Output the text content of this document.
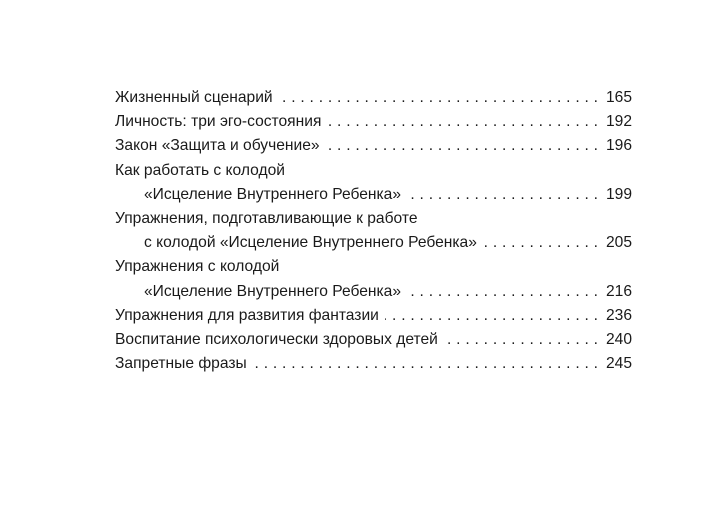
Жизненный сценарий . . .	165
Личность: три эго-состояния . . .	192
Закон «Защита и обучение» . . .	196
Как работать с колодой
«Исцеление Внутреннего Ребенка» . . .	199
Упражнения, подготавливающие к работе
с колодой «Исцеление Внутреннего Ребенка» . . .	205
Упражнения с колодой
«Исцеление Внутреннего Ребенка» . . .	216
Упражнения для развития фантазии . . .	236
Воспитание психологически здоровых детей . . .	240
Запретные фразы . . .	245
